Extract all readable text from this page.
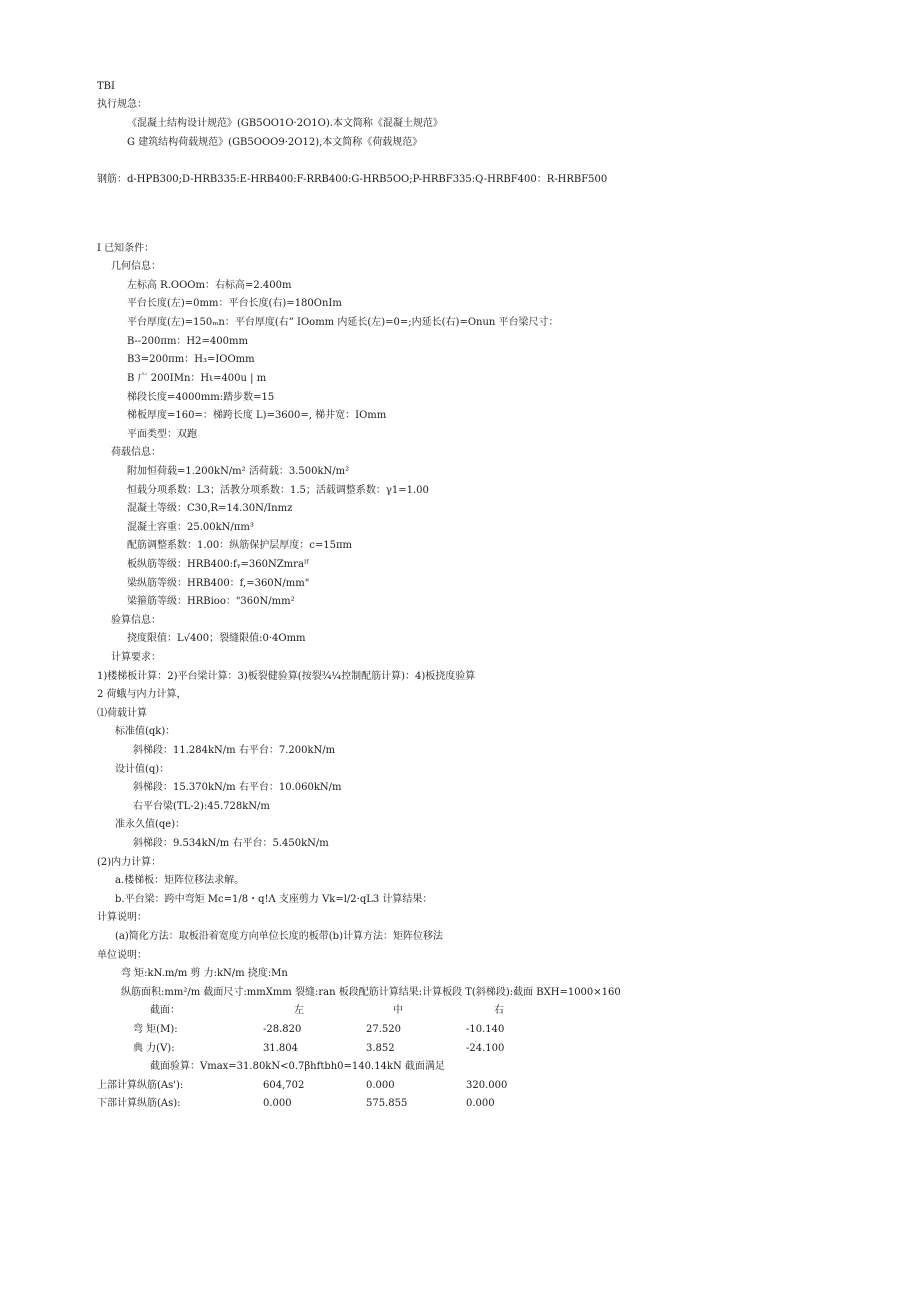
TBI
执行规急：
《混凝土结构设计规范》(GB5OO1O·2O1O).本文简称《混凝土规范》
G 建筑结构荷载规范》(GB5OOO9·2O12),本文简称《荷载规范》
钢筋：d-HPB300;D-HRB335:E-HRB400:F-RRB400:G-HRB5OO;P-HRBF335:Q-HRBF400：R-HRBF500
I 已知条件：
几何信息：
左标高 R.OOOm：右标高=2.400m
平台长度(左)=0mm：平台长度(右)=180OnIm
平台厚度(左)=150ₘn：平台厚度(右” IOomm 内延长(左)=0=;内延长(右)=Onun 平台梁尺寸：
B--200πm：H2=400mm
B3=200πm：H₃=IOOmm
B 广 200IMn：Hι=400u | m
梯段长度=4000mm:踏步数=15
梯板厚度=160=：梯跨长度 L)=3600=, 梯井宽：IOmm
平面类型：双跑
荷载信息：
附加恒荷载=1.200kN/m² 活荷载：3.500kN/m²
恒载分项系数：L3；活教分项系数：1.5；活载调整系数：γ1=1.00
混凝土等级：C30,R=14.30N/Inmz
混凝土容重：25.00kN/πm³
配筋调整系数：1.00：纵筋保护层厚度：c=15πm
板纵筋等级：HRB400:fᵧ=360NZmraᴵᶠ
梁纵筋等级：HRB400：f,=360N/mm"
梁箍筋等级：HRBioo："360N/mm²
验算信息：
挠度限值：L√400；裂缝限值:0·4Omm
计算要求：
1)楼梯板计算：2)平台梁计算：3)板裂健验算(按裂¾¼控制配筋计算)：4)板挠度验算
2 荷蛾与内力计算，
⑴荷载计算
标准值(qk)：
斜梯段：11.284kN/m 右平台：7.200kN/m
设计值(q)：
斜梯段：15.370kN/m 右平台：10.060kN/m
右平台梁(TL-2):45.728kN/m
准永久值(qe)：
斜梯段：9.534kN/m 右平台：5.450kN/m
(2)内力计算：
a.楼梯板：矩阵位移法求解。
b.平台梁：跨中弯矩 Mc=1/8・q!Λ 支座剪力 Vk=l/2·qL3 计算结果：
计算说明：
(a)简化方法：取板沿着宽度方向单位长度的板带(b)计算方法：矩阵位移法
单位说明：
弯 矩:kN.m/m 剪 力:kN/m 挠度:Mn
纵筋面积:mm²/m 截面尺寸:mmXmm 裂缝:ran 板段配筋计算结果:计算板段 T(斜梯段):截面 BXH=1000×160
截面：	左	中	右
弯 矩(M):	-28.820	27.520	-10.140
典 力(V):	31.804	3.852	-24.100
截面验算：Vmax=31.80kN<0.7βhftbh0=140.14kN 截面满足
上部计算纵筋(As'):	604,702	0.000	320.000
下部计算纵筋(As):	0.000	575.855	0.000
